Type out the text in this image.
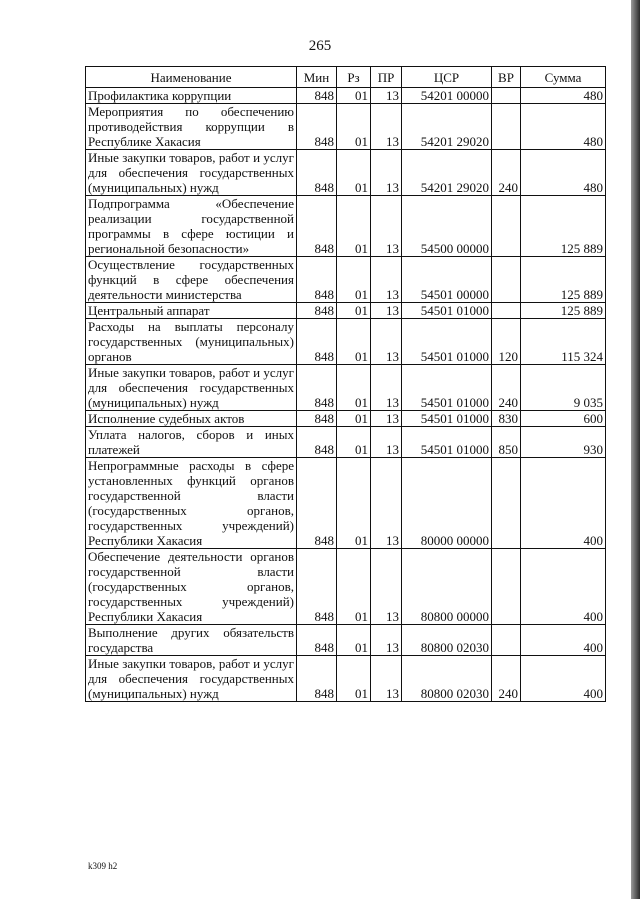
265
Наименование	Мин	Рз	ПР	ЦСР	ВР	Сумма
Профилактика коррупции	848	01	13	54201 00000		480
Мероприятия по обеспечению противодействия коррупции в Республике Хакасия	848	01	13	54201 29020		480
Иные закупки товаров, работ и услуг для обеспечения государственных (муниципальных) нужд	848	01	13	54201 29020	240	480
Подпрограмма «Обеспечение реализации государственной программы в сфере юстиции и региональной безопасности»	848	01	13	54500 00000		125 889
Осуществление государственных функций в сфере обеспечения деятельности министерства	848	01	13	54501 00000		125 889
Центральный аппарат	848	01	13	54501 01000		125 889
Расходы на выплаты персоналу государственных (муниципальных) органов	848	01	13	54501 01000	120	115 324
Иные закупки товаров, работ и услуг для обеспечения государственных (муниципальных) нужд	848	01	13	54501 01000	240	9 035
Исполнение судебных актов	848	01	13	54501 01000	830	600
Уплата налогов, сборов и иных платежей	848	01	13	54501 01000	850	930
Непрограммные расходы в сфере установленных функций органов государственной власти (государственных органов, государственных учреждений) Республики Хакасия	848	01	13	80000 00000		400
Обеспечение деятельности органов государственной власти (государственных органов, государственных учреждений) Республики Хакасия	848	01	13	80800 00000		400
Выполнение других обязательств государства	848	01	13	80800 02030		400
Иные закупки товаров, работ и услуг для обеспечения государственных (муниципальных) нужд	848	01	13	80800 02030	240	400
k309 h2
